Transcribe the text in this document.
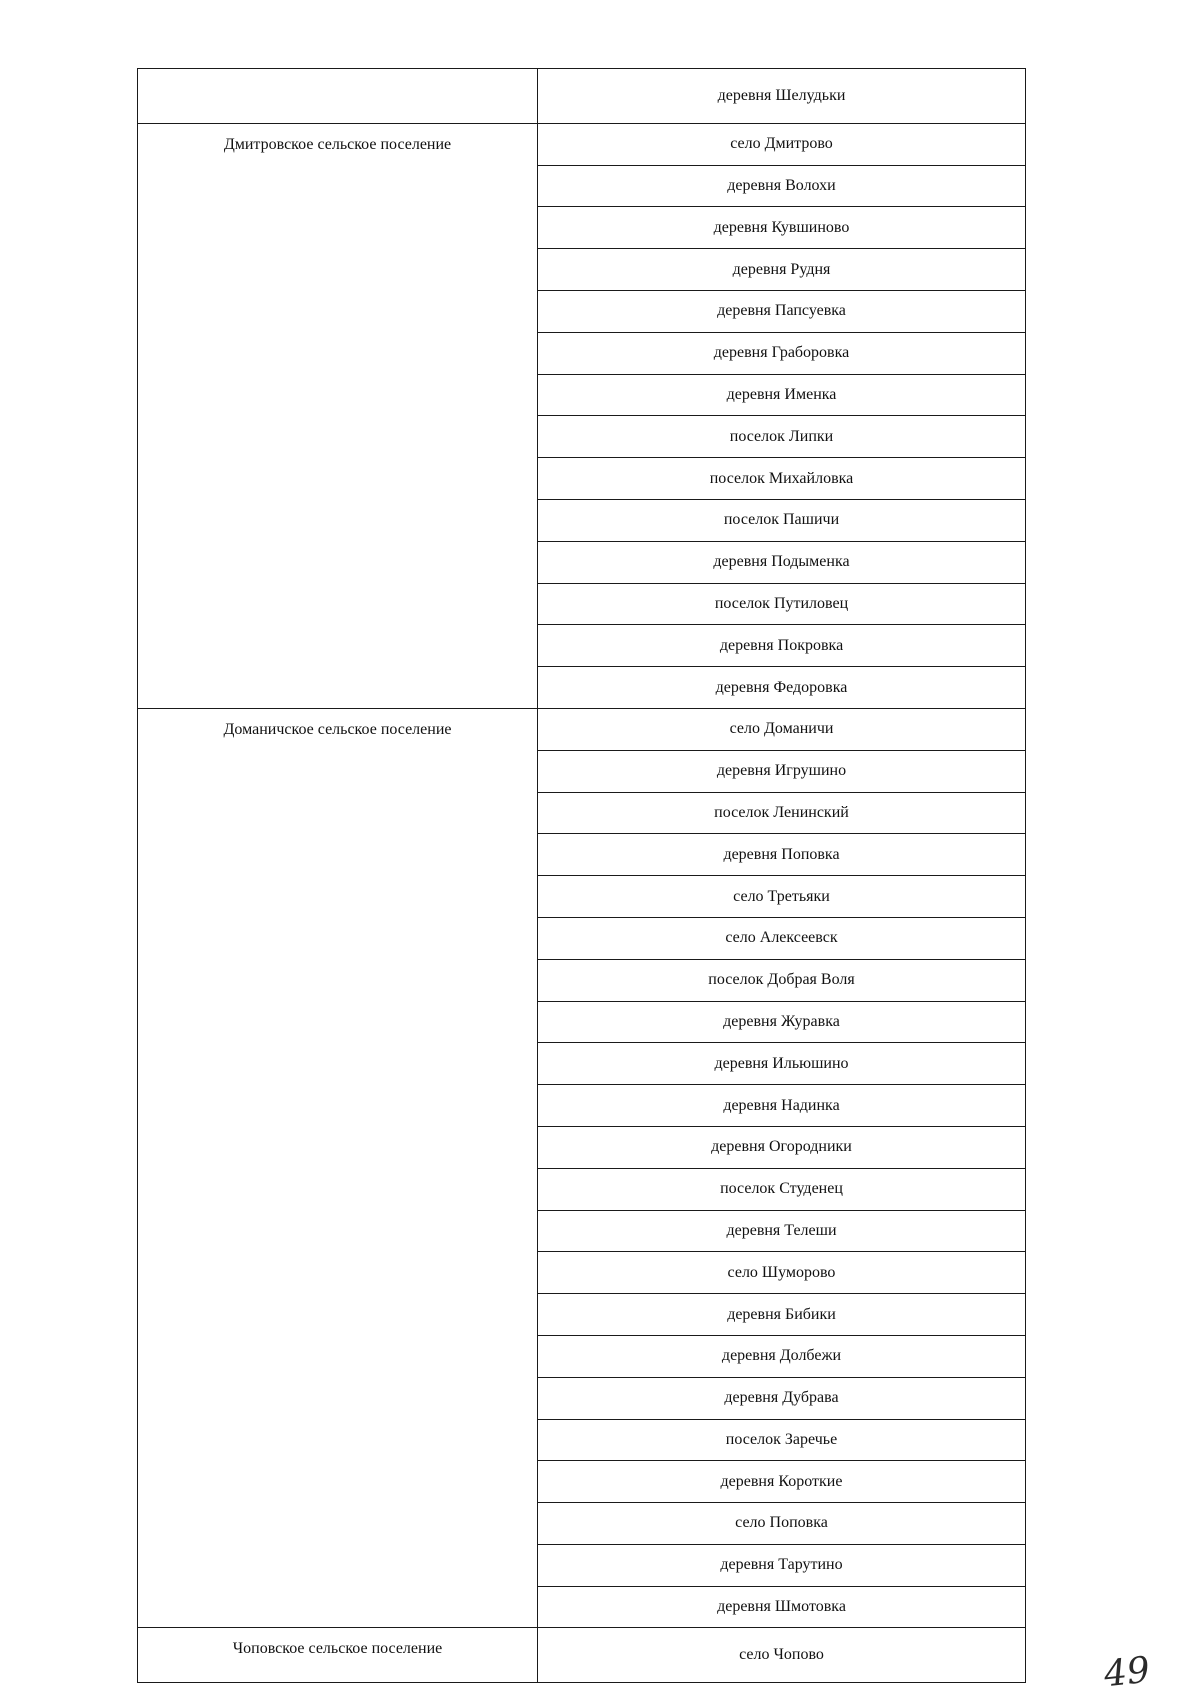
	деревня Шелудьки
Дмитровское сельское поселение	село Дмитрово
	деревня Волохи
	деревня Кувшиново
	деревня Рудня
	деревня Папсуевка
	деревня Граборовка
	деревня Именка
	поселок Липки
	поселок Михайловка
	поселок Пашичи
	деревня Подыменка
	поселок Путиловец
	деревня Покровка
	деревня Федоровка
Доманичское сельское поселение	село Доманичи
	деревня Игрушино
	поселок Ленинский
	деревня Поповка
	село Третьяки
	село Алексеевск
	поселок Добрая Воля
	деревня Журавка
	деревня Ильюшино
	деревня Надинка
	деревня Огородники
	поселок Студенец
	деревня Телеши
	село Шуморово
	деревня Бибики
	деревня Долбежи
	деревня Дубрава
	поселок Заречье
	деревня Короткие
	село Поповка
	деревня Тарутино
	деревня Шмотовка
Чоповское сельское поселение	село Чопово	49
